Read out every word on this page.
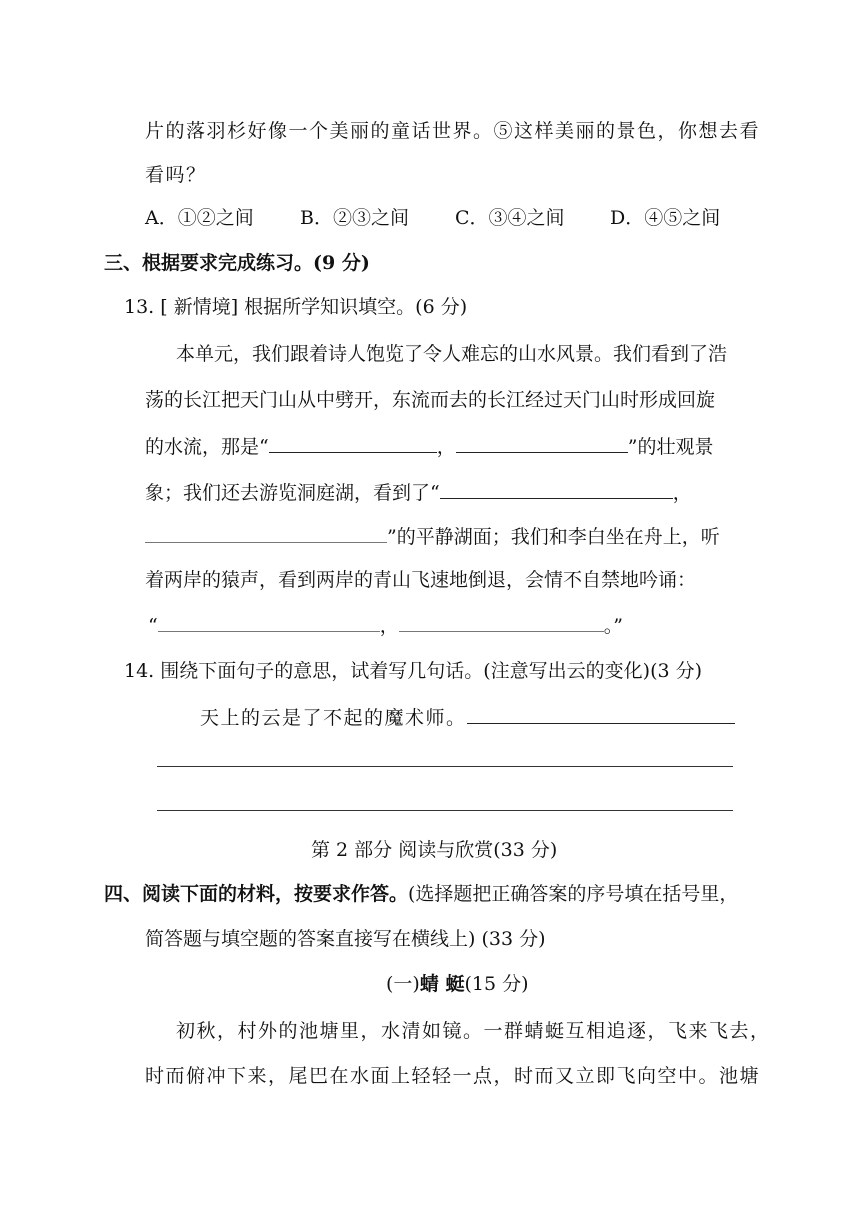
片的落羽杉好像一个美丽的童话世界。⑤这样美丽的景色，你想去看
看吗？
A．①②之间 B．②③之间 C．③④之间 D．④⑤之间
三、根据要求完成练习。(9 分)
13. [ 新情境] 根据所学知识填空。(6 分)
本单元，我们跟着诗人饱览了令人难忘的山水风景。我们看到了浩
荡的长江把天门山从中劈开，东流而去的长江经过天门山时形成回旋
的水流，那是“	，	”的壮观景
象；我们还去游览洞庭湖，看到了“	，
”的平静湖面；我们和李白坐在舟上，听
着两岸的猿声，看到两岸的青山飞速地倒退，会情不自禁地吟诵：
“	，	。”
14. 围绕下面句子的意思，试着写几句话。(注意写出云的变化)(3 分)
天上的云是了不起的魔术师。
第 2 部分 阅读与欣赏(33 分)
四、阅读下面的材料，按要求作答。(选择题把正确答案的序号填在括号里，
简答题与填空题的答案直接写在横线上) (33 分)
(一)蜻 蜓(15 分)
初秋，村外的池塘里，水清如镜。一群蜻蜓互相追逐，飞来飞去，
时而俯冲下来，尾巴在水面上轻轻一点，时而又立即飞向空中。池塘
